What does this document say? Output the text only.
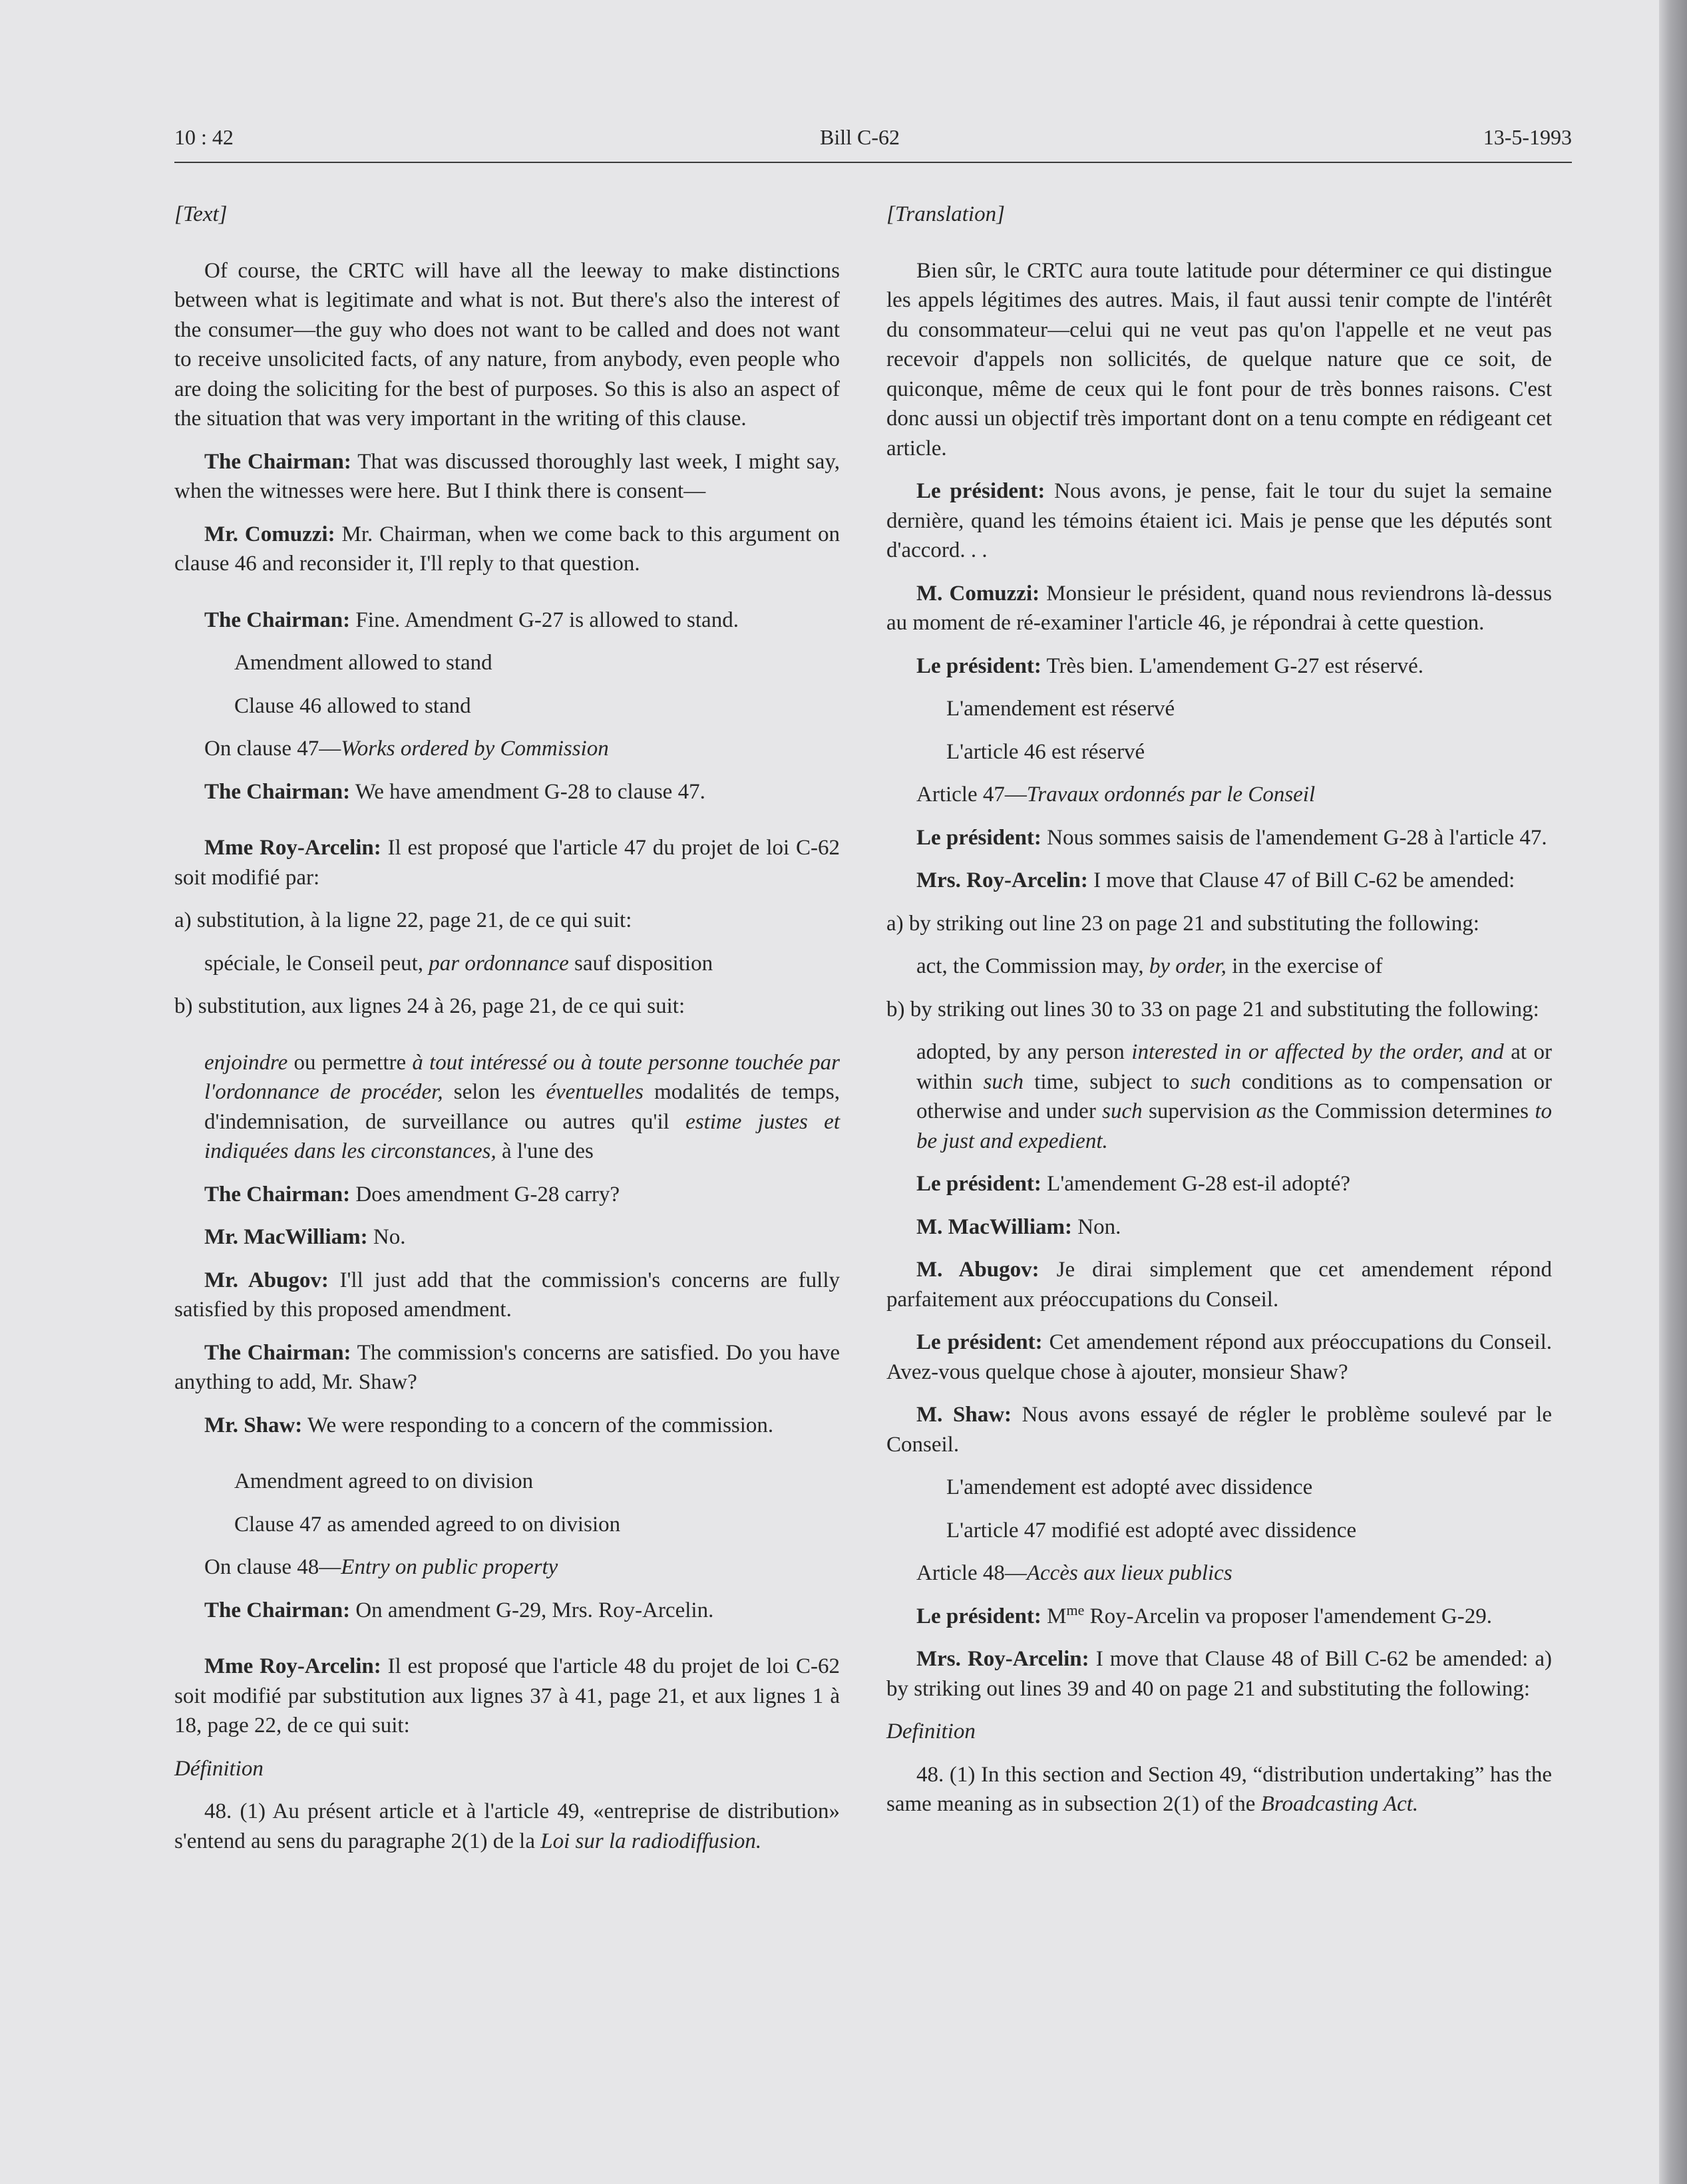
10 : 42	Bill C-62	13-5-1993

[Text]

Of course, the CRTC will have all the leeway to make distinctions between what is legitimate and what is not. But there's also the interest of the consumer—the guy who does not want to be called and does not want to receive unsolicited facts, of any nature, from anybody, even people who are doing the soliciting for the best of purposes. So this is also an aspect of the situation that was very important in the writing of this clause.

The Chairman: That was discussed thoroughly last week, I might say, when the witnesses were here. But I think there is consent—

Mr. Comuzzi: Mr. Chairman, when we come back to this argument on clause 46 and reconsider it, I'll reply to that question.

The Chairman: Fine. Amendment G-27 is allowed to stand.

Amendment allowed to stand

Clause 46 allowed to stand

On clause 47—Works ordered by Commission

The Chairman: We have amendment G-28 to clause 47.

Mme Roy-Arcelin: Il est proposé que l'article 47 du projet de loi C-62 soit modifié par:

a) substitution, à la ligne 22, page 21, de ce qui suit:

spéciale, le Conseil peut, par ordonnance sauf disposition

b) substitution, aux lignes 24 à 26, page 21, de ce qui suit:

enjoindre ou permettre à tout intéressé ou à toute personne touchée par l'ordonnance de procéder, selon les éventuelles modalités de temps, d'indemnisation, de surveillance ou autres qu'il estime justes et indiquées dans les circonstances, à l'une des

The Chairman: Does amendment G-28 carry?

Mr. MacWilliam: No.

Mr. Abugov: I'll just add that the commission's concerns are fully satisfied by this proposed amendment.

The Chairman: The commission's concerns are satisfied. Do you have anything to add, Mr. Shaw?

Mr. Shaw: We were responding to a concern of the commission.

Amendment agreed to on division

Clause 47 as amended agreed to on division

On clause 48—Entry on public property

The Chairman: On amendment G-29, Mrs. Roy-Arcelin.

Mme Roy-Arcelin: Il est proposé que l'article 48 du projet de loi C-62 soit modifié par substitution aux lignes 37 à 41, page 21, et aux lignes 1 à 18, page 22, de ce qui suit:

Définition

48. (1) Au présent article et à l'article 49, «entreprise de distribution» s'entend au sens du paragraphe 2(1) de la Loi sur la radiodiffusion.

[Translation]

Bien sûr, le CRTC aura toute latitude pour déterminer ce qui distingue les appels légitimes des autres. Mais, il faut aussi tenir compte de l'intérêt du consommateur—celui qui ne veut pas qu'on l'appelle et ne veut pas recevoir d'appels non sollicités, de quelque nature que ce soit, de quiconque, même de ceux qui le font pour de très bonnes raisons. C'est donc aussi un objectif très important dont on a tenu compte en rédigeant cet article.

Le président: Nous avons, je pense, fait le tour du sujet la semaine dernière, quand les témoins étaient ici. Mais je pense que les députés sont d'accord. . .

M. Comuzzi: Monsieur le président, quand nous reviendrons là-dessus au moment de ré-examiner l'article 46, je répondrai à cette question.

Le président: Très bien. L'amendement G-27 est réservé.

L'amendement est réservé

L'article 46 est réservé

Article 47—Travaux ordonnés par le Conseil

Le président: Nous sommes saisis de l'amendement G-28 à l'article 47.

Mrs. Roy-Arcelin: I move that Clause 47 of Bill C-62 be amended:

a) by striking out line 23 on page 21 and substituting the following:

act, the Commission may, by order, in the exercise of

b) by striking out lines 30 to 33 on page 21 and substituting the following:

adopted, by any person interested in or affected by the order, and at or within such time, subject to such conditions as to compensation or otherwise and under such supervision as the Commission determines to be just and expedient.

Le président: L'amendement G-28 est-il adopté?

M. MacWilliam: Non.

M. Abugov: Je dirai simplement que cet amendement répond parfaitement aux préoccupations du Conseil.

Le président: Cet amendement répond aux préoccupations du Conseil. Avez-vous quelque chose à ajouter, monsieur Shaw?

M. Shaw: Nous avons essayé de régler le problème soulevé par le Conseil.

L'amendement est adopté avec dissidence

L'article 47 modifié est adopté avec dissidence

Article 48—Accès aux lieux publics

Le président: $M^{me}$ Roy-Arcelin va proposer l'amendement G-29.

Mrs. Roy-Arcelin: I move that Clause 48 of Bill C-62 be amended: a) by striking out lines 39 and 40 on page 21 and substituting the following:

Definition

48. (1) In this section and Section 49, “distribution undertaking” has the same meaning as in subsection 2(1) of the Broadcasting Act.
